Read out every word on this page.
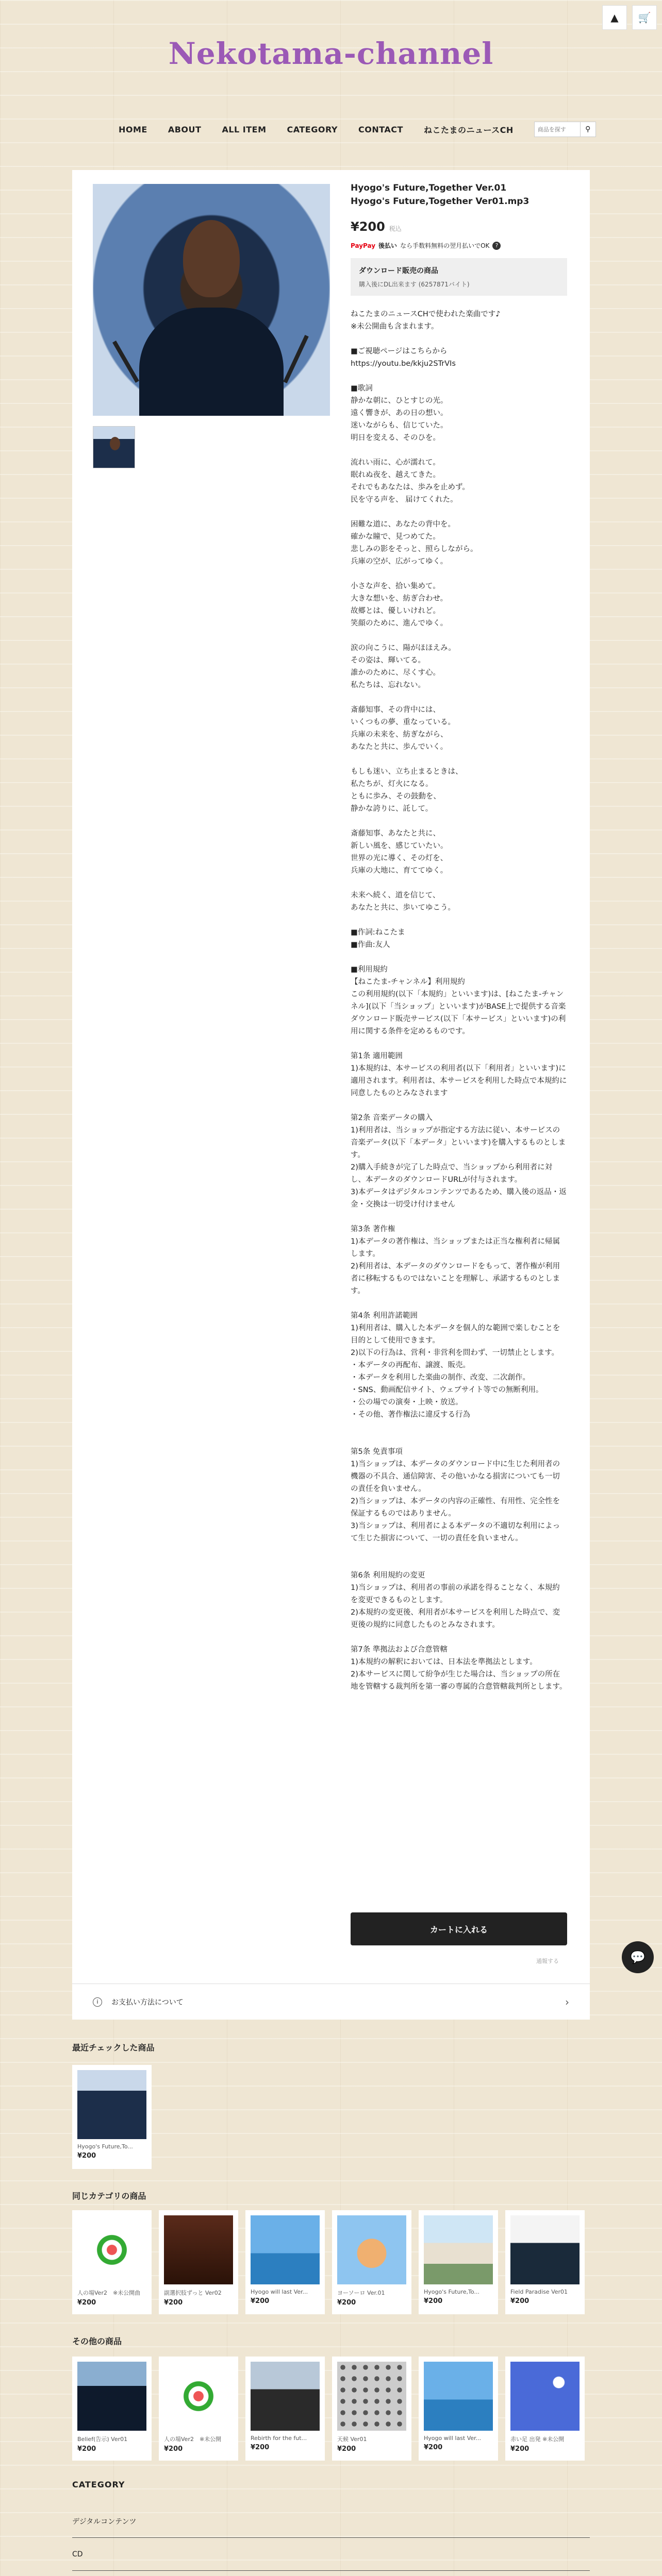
Nekotama-channel
▲	🛒
HOME	ABOUT	ALL ITEM	CATEGORY	CONTACT	ねこたまのニュースCH
商品を探す	⚲
Hyogo's Future,Together Ver.01
Hyogo's Future,Together Ver01.mp3
¥200 税込
PayPay 後払い なら手数料無料の翌月払いでOK	?
ダウンロード販売の商品
購入後にDL出来ます (6257871バイト)
ねこたまのニュースCHで使われた楽曲です♪
※未公開曲も含まれます。

■ご視聴ページはこちらから
https://youtu.be/kkju2STrVIs

■歌詞
静かな朝に、ひとすじの光。
遠く響きが、あの日の想い。
迷いながらも、信じていた。
明日を変える、そのひを。

流れい雨に、心が濡れて。
眠れぬ夜を、越えてきた。
それでもあなたは、歩みを止めず。
民を守る声を、 届けてくれた。

困難な道に、あなたの背中を。
確かな瞳で、見つめてた。
悲しみの影をそっと、照らしながら。
兵庫の空が、広がってゆく。

小さな声を、拾い集めて。
大きな想いを、紡ぎ合わせ。
故郷とは、優しいけれど。
笑顔のために、進んでゆく。

涙の向こうに、陽がほほえみ。
その姿は、輝いてる。
誰かのために、尽くす心。
私たちは、忘れない。

斎藤知事、その背中には、
いくつもの夢、重なっている。
兵庫の未来を、紡ぎながら、
あなたと共に、歩んでいく。

もしも迷い、立ち止まるときは、
私たちが、灯火になる。
ともに歩み、その鼓動を、
静かな誇りに、託して。

斎藤知事、あなたと共に、
新しい風を、感じていたい。
世界の光に導く、その灯を、
兵庫の大地に、育ててゆく。

未来へ続く、道を信じて、
あなたと共に、歩いてゆこう。

■作詞:ねこたま
■作曲:友人

■利用規約
【ねこたま-チャンネル】利用規約
この利用規約(以下「本規約」といいます)は、[ねこたま-チャンネル](以下「当ショップ」といいます)がBASE上で提供する音楽ダウンロード販売サービス(以下「本サービス」といいます)の利用に関する条件を定めるものです。

第1条 適用範囲
1)本規約は、本サービスの利用者(以下「利用者」といいます)に適用されます。利用者は、本サービスを利用した時点で本規約に同意したものとみなされます

第2条 音楽データの購入
1)利用者は、当ショップが指定する方法に従い、本サービスの音楽データ(以下「本データ」といいます)を購入するものとします。
2)購入手続きが完了した時点で、当ショップから利用者に対し、本データのダウンロードURLが付与されます。
3)本データはデジタルコンテンツであるため、購入後の返品・返金・交換は一切受け付けません

第3条 著作権
1)本データの著作権は、当ショップまたは正当な権利者に帰属します。
2)利用者は、本データのダウンロードをもって、著作権が利用者に移転するものではないことを理解し、承諾するものとします。

第4条 利用許諾範囲
1)利用者は、購入した本データを個人的な範囲で楽しむことを目的として使用できます。
2)以下の行為は、営利・非営利を問わず、一切禁止とします。
・本データの再配布、譲渡、販売。
・本データを利用した楽曲の制作、改変、二次創作。
・SNS、動画配信サイト、ウェブサイト等での無断利用。
・公の場での演奏・上映・放送。
・その他、著作権法に違反する行為

第5条 免責事項
1)当ショップは、本データのダウンロード中に生じた利用者の機器の不具合、通信障害、その他いかなる損害についても一切の責任を負いません。
2)当ショップは、本データの内容の正確性、有用性、完全性を保証するものではありません。
3)当ショップは、利用者による本データの不適切な利用によって生じた損害について、一切の責任を負いません。

第6条 利用規約の変更
1)当ショップは、利用者の事前の承諾を得ることなく、本規約を変更できるものとします。
2)本規約の変更後、利用者が本サービスを利用した時点で、変更後の規約に同意したものとみなされます。

第7条 準拠法および合意管轄
1)本規約の解釈においては、日本法を準拠法とします。
2)本サービスに関して紛争が生じた場合は、当ショップの所在地を管轄する裁判所を第一審の専属的合意管轄裁判所とします。
カートに入れる
通報する
i	お支払い方法について	›
💬
最近チェックした商品
Hyogo's Future,To...
¥200
同じカテゴリの商品
人の場Ver2　※未公開曲
¥200
副選択肢ずっと Ver02
¥200
Hyogo will last Ver...
¥200
ヨーソーロ Ver.01
¥200
Hyogo's Future,To...
¥200
Field Paradise Ver01
¥200
その他の商品
Belief(告示) Ver01
¥200
人の場Ver2　※未公開
¥200
Rebirth for the fut...
¥200
天候 Ver01
¥200
Hyogo will last Ver...
¥200
赤い足 出発 ※未公開
¥200
CATEGORY
デジタルコンテンツ
CD
